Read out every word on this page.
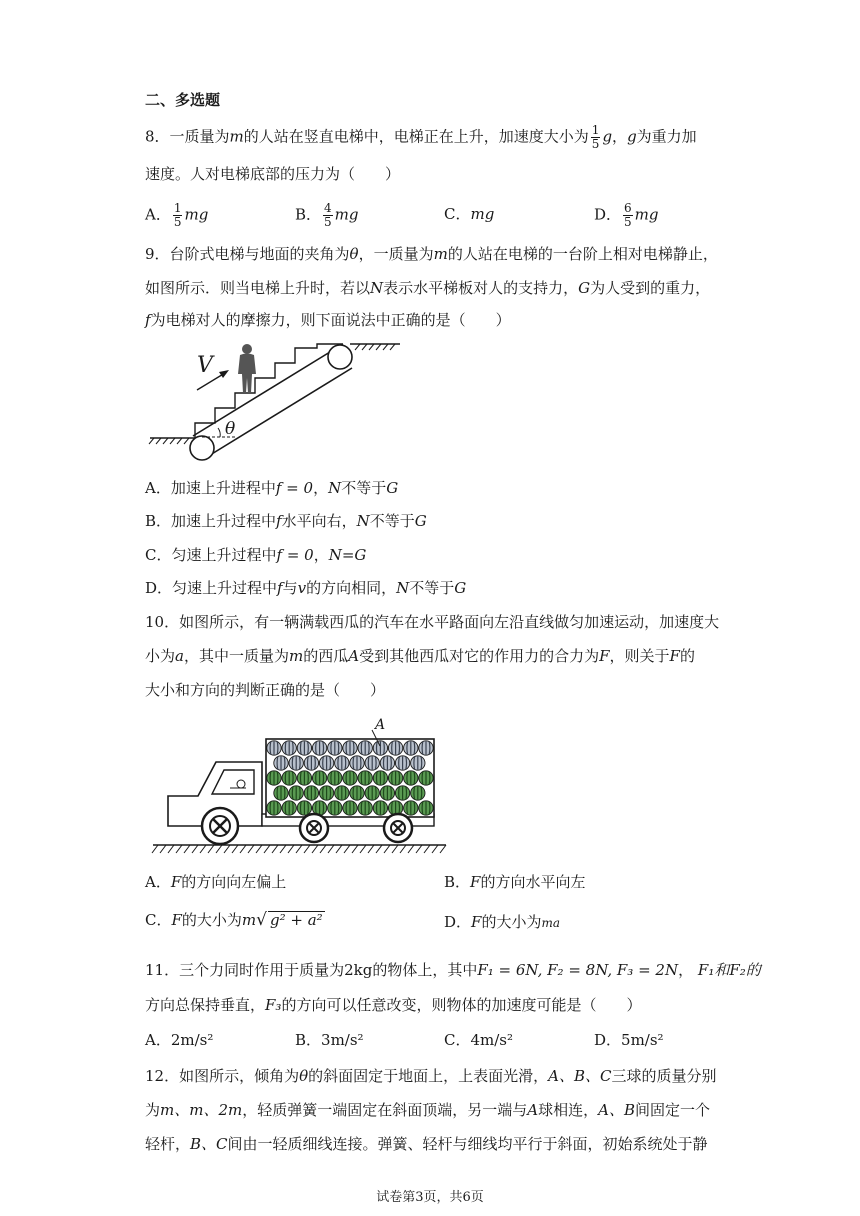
二、多选题
8．一质量为m的人站在竖直电梯中，电梯正在上升，加速度大小为 $\frac{1}{5}$ g，g为重力加
速度。人对电梯底部的压力为（　　）
A． $\frac{1}{5}$ mg	B． $\frac{4}{5}$ mg	C．mg	D． $\frac{6}{5}$ mg
9．台阶式电梯与地面的夹角为θ，一质量为m的人站在电梯的一台阶上相对电梯静止，
如图所示．则当电梯上升时，若以N表示水平梯板对人的支持力，G为人受到的重力，
f为电梯对人的摩擦力，则下面说法中正确的是（　　）
V
θ
A．加速上升进程中f = 0，N不等于G
B．加速上升过程中f水平向右，N不等于G
C．匀速上升过程中f = 0，N=G
D．匀速上升过程中f与v的方向相同，N不等于G
10．如图所示，有一辆满载西瓜的汽车在水平路面向左沿直线做匀加速运动，加速度大
小为a，其中一质量为m的西瓜A受到其他西瓜对它的作用力的合力为F，则关于F的
大小和方向的判断正确的是（　　）
A
A．F的方向向左偏上	B．F的方向水平向左
C．F的大小为m√ g² + a²	D．F的大小为ma
11．三个力同时作用于质量为2kg的物体上，其中F₁ = 6N, F₂ = 8N, F₃ = 2N， F₁和F₂的
方向总保持垂直，F₃的方向可以任意改变，则物体的加速度可能是（　　）
A．2m/s²	B．3m/s²	C．4m/s²	D．5m/s²
12．如图所示，倾角为θ的斜面固定于地面上，上表面光滑，A、B、C三球的质量分别
为m、m、2m，轻质弹簧一端固定在斜面顶端，另一端与A球相连，A、B间固定一个
轻杆，B、C间由一轻质细线连接。弹簧、轻杆与细线均平行于斜面，初始系统处于静
试卷第3页，共6页
